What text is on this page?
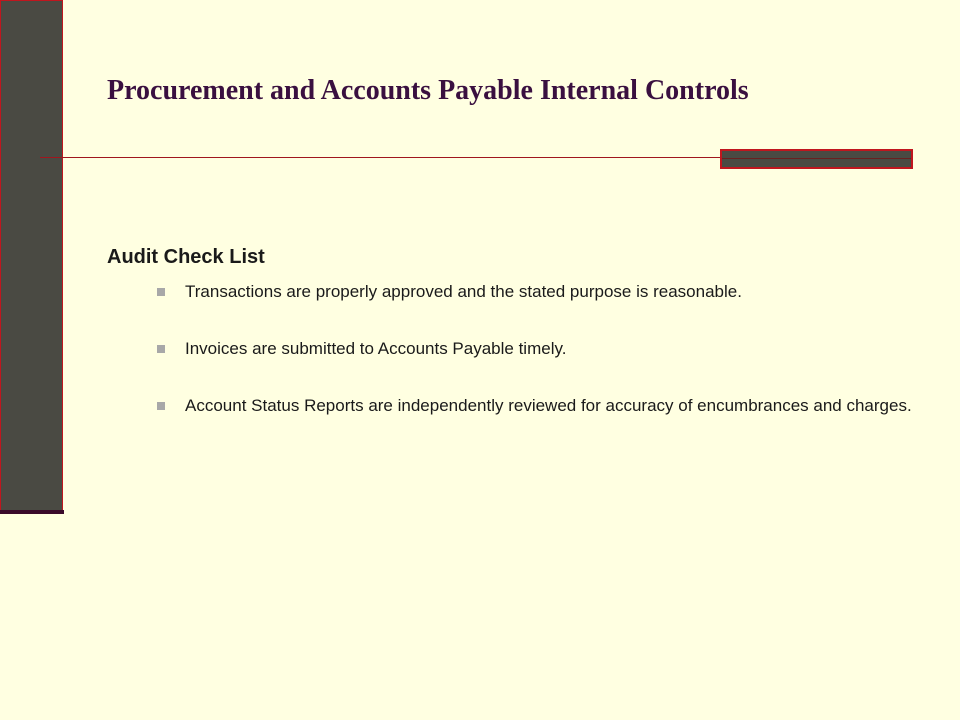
Procurement and Accounts Payable Internal Controls
Audit Check List
Transactions are properly approved and the stated purpose is reasonable.
Invoices are submitted to Accounts Payable timely.
Account Status Reports are independently reviewed for accuracy of encumbrances and charges.
